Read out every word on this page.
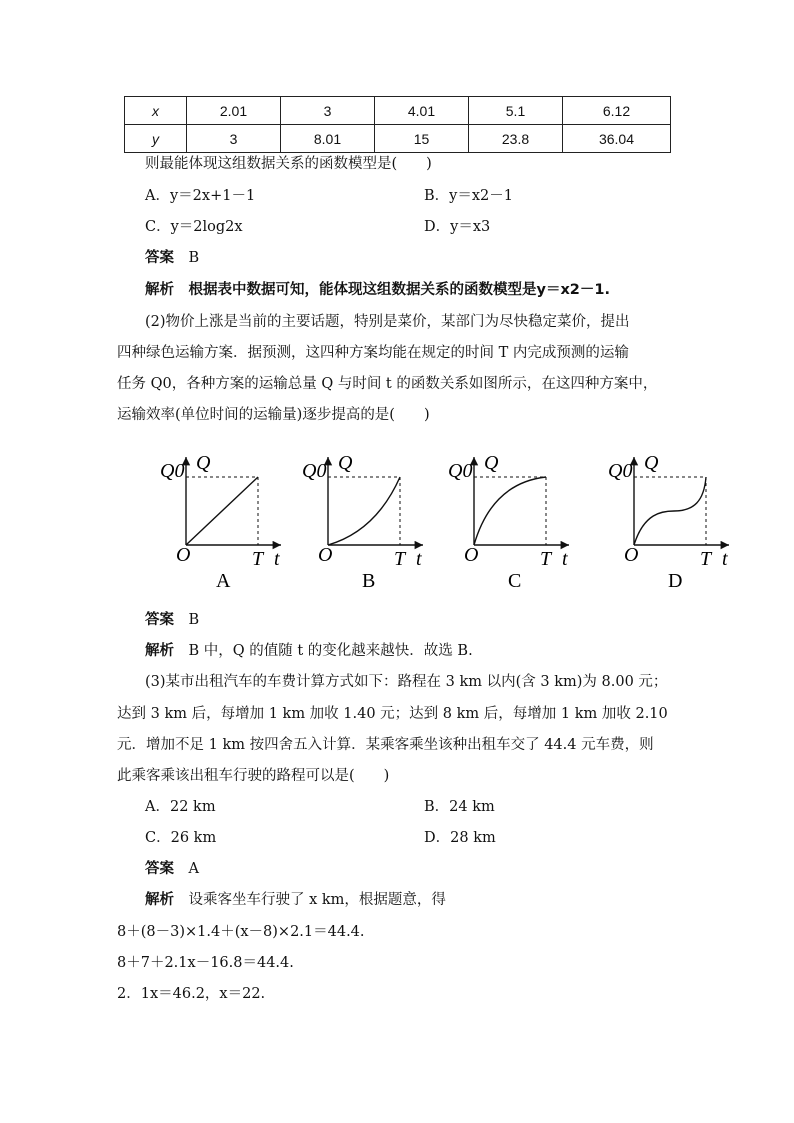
x	2.01	3	4.01	5.1	6.12
y	3	8.01	15	23.8	36.04
则最能体现这组数据关系的函数模型是(　　)
A．y＝2x+1－1	B．y＝x2－1
C．y＝2log2x	D．y＝x3
答案　 B
解析　 根据表中数据可知，能体现这组数据关系的函数模型是y＝x2－1.
(2)物价上涨是当前的主要话题，特别是菜价，某部门为尽快稳定菜价，提出
四种绿色运输方案．据预测，这四种方案均能在规定的时间 T 内完成预测的运输
任务 Q0，各种方案的运输总量 Q 与时间 t 的函数关系如图所示，在这四种方案中，
运输效率(单位时间的运输量)逐步提高的是(　　)
Q0 Q
O	T t
A
Q0 Q
O	T t
B
Q0 Q
O	T t
C
Q0 Q
O	T t
D
答案　 B
解析　 B 中，Q 的值随 t 的变化越来越快．故选 B.
(3)某市出租汽车的车费计算方式如下：路程在 3 km 以内(含 3 km)为 8.00 元；
达到 3 km 后，每增加 1 km 加收 1.40 元；达到 8 km 后，每增加 1 km 加收 2.10
元．增加不足 1 km 按四舍五入计算．某乘客乘坐该种出租车交了 44.4 元车费，则
此乘客乘该出租车行驶的路程可以是(　　)
A．22 km	B．24 km
C．26 km	D．28 km
答案　 A
解析　 设乘客坐车行驶了 x km，根据题意，得
8＋(8－3)×1.4＋(x－8)×2.1＝44.4.
8＋7＋2.1x－16.8＝44.4.
2．1x＝46.2，x＝22.
